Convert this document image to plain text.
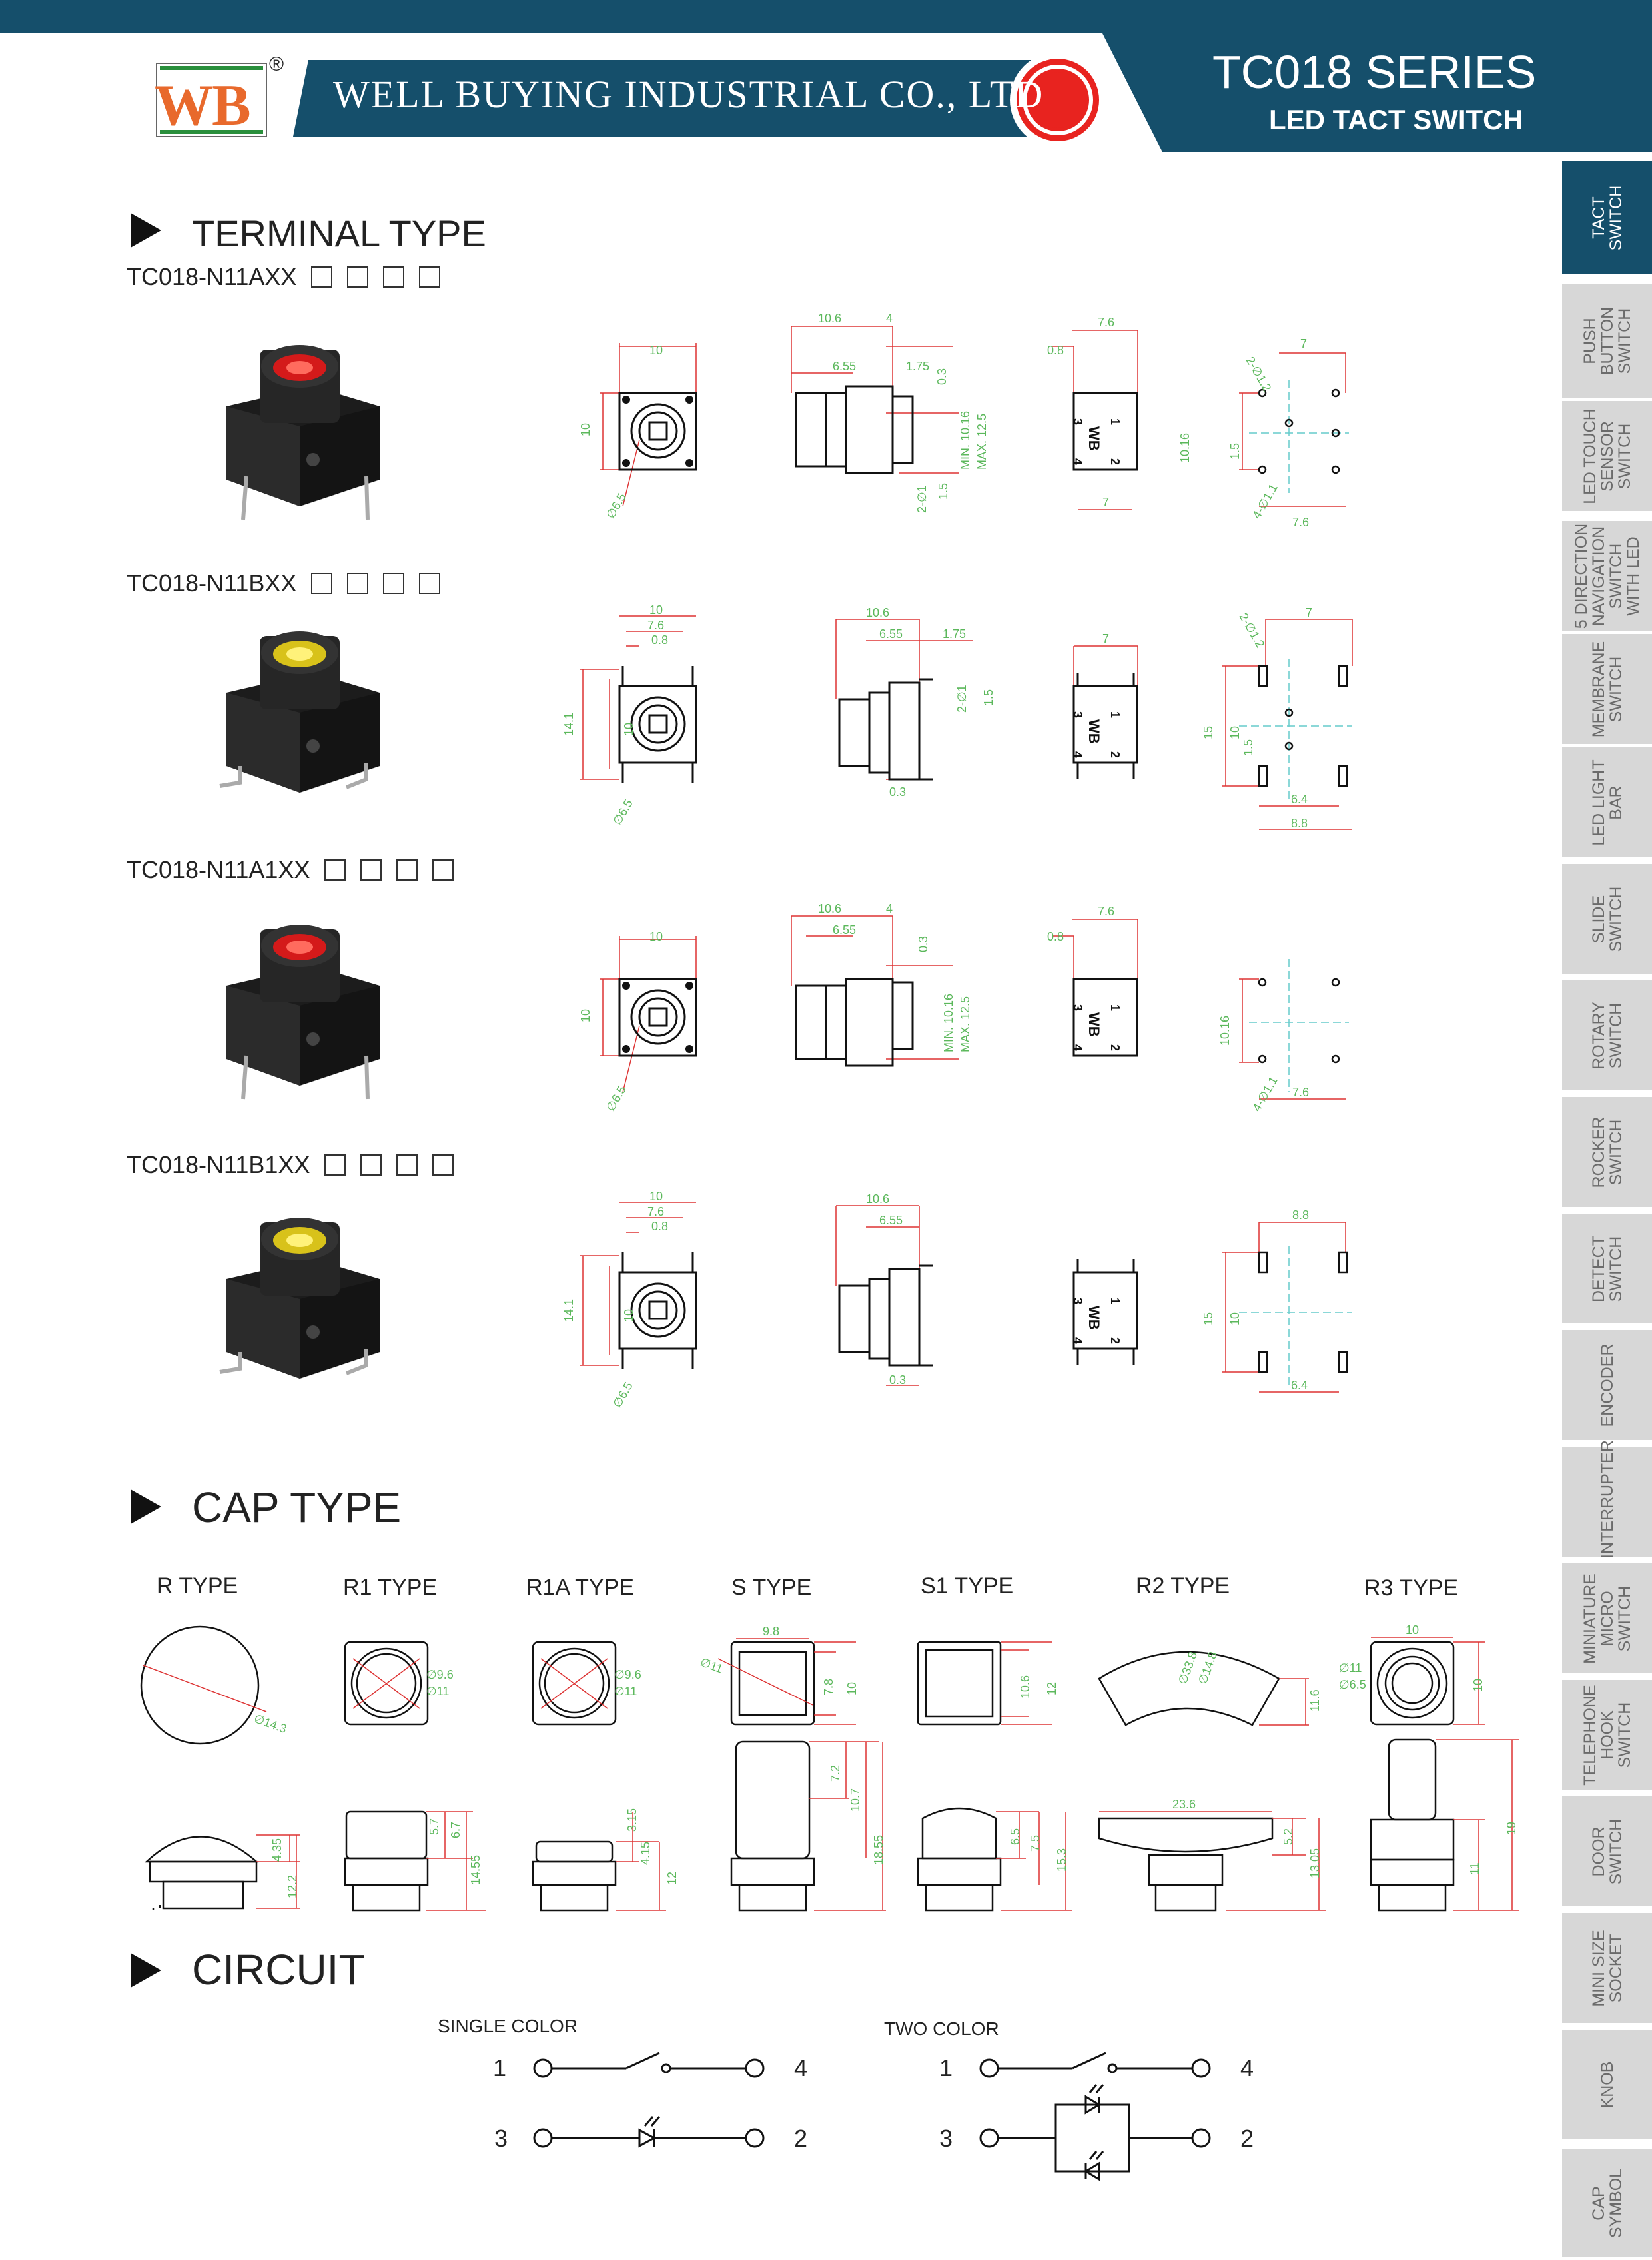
WB
®
WELL BUYING INDUSTRIAL CO., LTD	TC018 SERIES
LED TACT SWITCH
TACT
SWITCH
PUSH
BUTTON
SWITCH
LED TOUCH
SENSOR
SWITCH
5 DIRECTION
NAVIGATION
SWITCH
WITH LED
MEMBRANE
SWITCH
LED LIGHT
BAR
SLIDE
SWITCH
ROTARY
SWITCH
ROCKER
SWITCH
DETECT
SWITCH
ENCODER
INTERRUPTER
MINIATURE
MICRO
SWITCH
TELEPHONE
HOOK
SWITCH
DOOR
SWITCH
MINI SIZE
SOCKET
KNOB
CAP
SYMBOL
TERMINAL TYPE
TC018-N11AXX
TC018-N11BXX
TC018-N11A1XX
TC018-N11B1XX
10
10
∅6.5
10.6	4
6.55	1.75
0.3
MIN. 10.16 MAX. 12.5
2-∅1 1.5
1
3
2
4
WB
7.6
0.8
7
7
2-∅1.2
7.6
10.16	1.5
4-∅1.1
10
7.6
0.8
14.1	10
∅6.5
10.6
6.55	1.75
2-∅1 1.5
0.3
1
3
2
4
WB
7
7
2-∅1.2
15 10
1.5
6.4
8.8
10
10
∅6.5
10.6	4
6.55
0.3
MIN. 10.16 MAX. 12.5	1
3
2
4
WB
7.6
0.8
10.16
4-∅1.1 7.6
10
7.6
0.8
14.1	10
∅6.5
10.6
6.55
0.3
1
3
2
4
WB
8.8
15 10
6.4
CAP TYPE
R TYPE	R1 TYPE	R1A TYPE	S TYPE	S1 TYPE	R2 TYPE	R3 TYPE
∅14.3
4.35
12.2
∅9.6
∅11
5.7 6.7
14.55
∅9.6
∅11
3.15
4.15
12
9.8
∅11
7.8 10
7.2
10.7
18.55
10.6 12
6.5 7.5
15.3
∅33.8
∅14.8
11.6
23.6
5.2
13.05
10
∅11
∅6.5	10
11
19
CIRCUIT
SINGLE COLOR	TWO COLOR
1	4
3	2
1	4
3	2
